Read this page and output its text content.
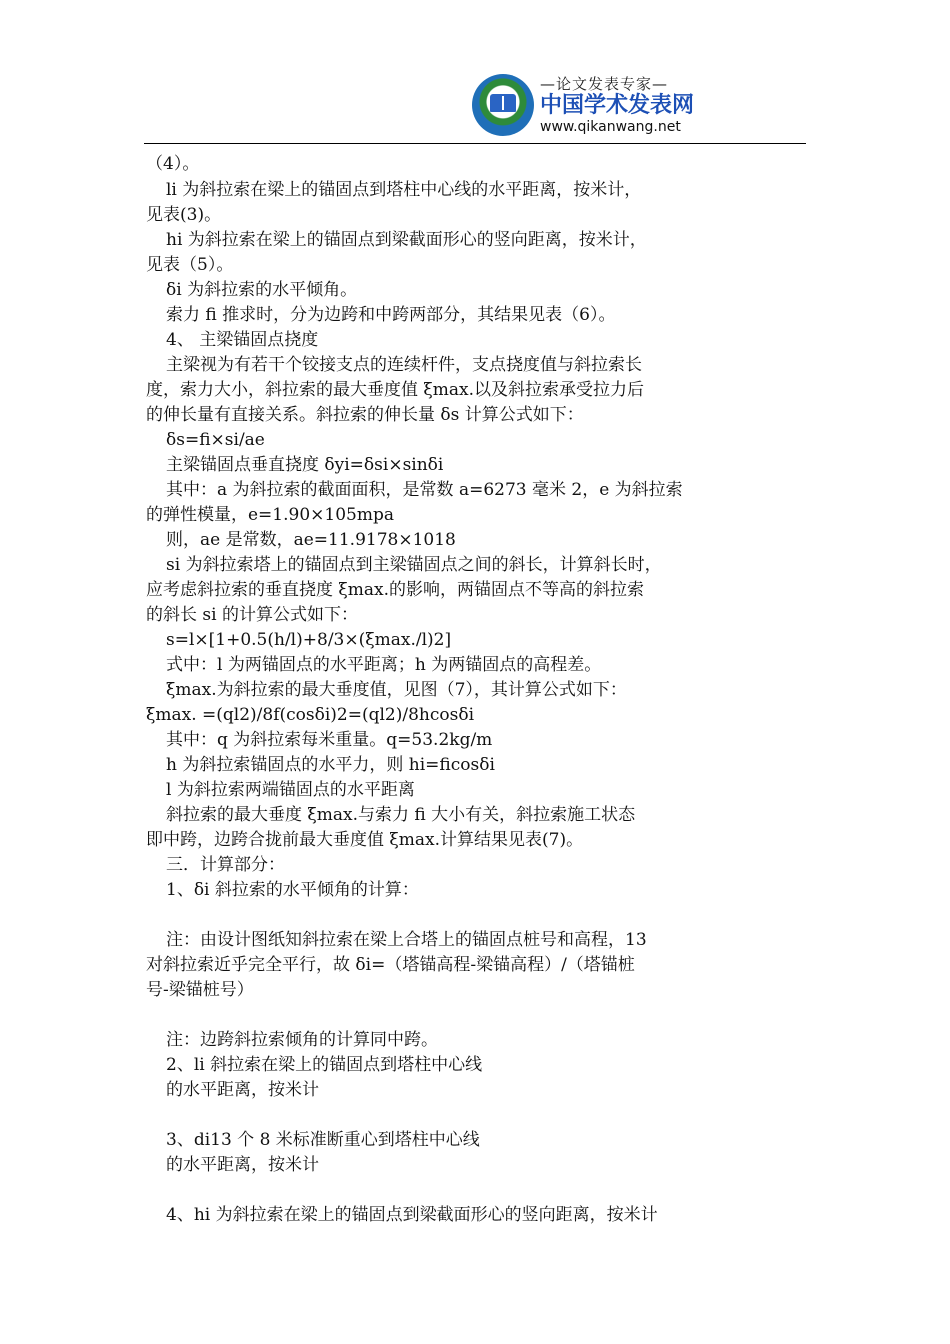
—论文发表专家—
中国学术发表网
www.qikanwang.net
（4）。
li 为斜拉索在梁上的锚固点到塔柱中心线的水平距离，按米计，
见表(3)。
hi 为斜拉索在梁上的锚固点到梁截面形心的竖向距离，按米计，
见表（5）。
δi 为斜拉索的水平倾角。
索力 fi 推求时，分为边跨和中跨两部分，其结果见表（6）。
4、 主梁锚固点挠度
主梁视为有若干个铰接支点的连续杆件，支点挠度值与斜拉索长
度，索力大小，斜拉索的最大垂度值 ξmax.以及斜拉索承受拉力后
的伸长量有直接关系。斜拉索的伸长量 δs 计算公式如下：
δs=fi×si/ae
主梁锚固点垂直挠度 δyi=δsi×sinδi
其中：a 为斜拉索的截面面积，是常数 a=6273 毫米 2，e 为斜拉索
的弹性模量，e=1.90×105mpa
则，ae 是常数，ae=11.9178×1018
si 为斜拉索塔上的锚固点到主梁锚固点之间的斜长，计算斜长时，
应考虑斜拉索的垂直挠度 ξmax.的影响，两锚固点不等高的斜拉索
的斜长 si 的计算公式如下：
s=l×[1+0.5(h/l)+8/3×(ξmax./l)2]
式中：l 为两锚固点的水平距离；h 为两锚固点的高程差。
ξmax.为斜拉索的最大垂度值，见图（7），其计算公式如下：
ξmax. =(ql2)/8f(cosδi)2=(ql2)/8hcosδi
其中：q 为斜拉索每米重量。q=53.2kg/m
h 为斜拉索锚固点的水平力，则 hi=ficosδi
l 为斜拉索两端锚固点的水平距离
斜拉索的最大垂度 ξmax.与索力 fi 大小有关，斜拉索施工状态
即中跨，边跨合拢前最大垂度值 ξmax.计算结果见表(7)。
三．计算部分：
1、δi 斜拉索的水平倾角的计算：
注：由设计图纸知斜拉索在梁上合塔上的锚固点桩号和高程，13
对斜拉索近乎完全平行，故 δi=（塔锚高程-梁锚高程）/（塔锚桩
号-梁锚桩号）
注：边跨斜拉索倾角的计算同中跨。
2、li 斜拉索在梁上的锚固点到塔柱中心线
的水平距离，按米计
3、di13 个 8 米标准断重心到塔柱中心线
的水平距离，按米计
4、hi 为斜拉索在梁上的锚固点到梁截面形心的竖向距离，按米计
